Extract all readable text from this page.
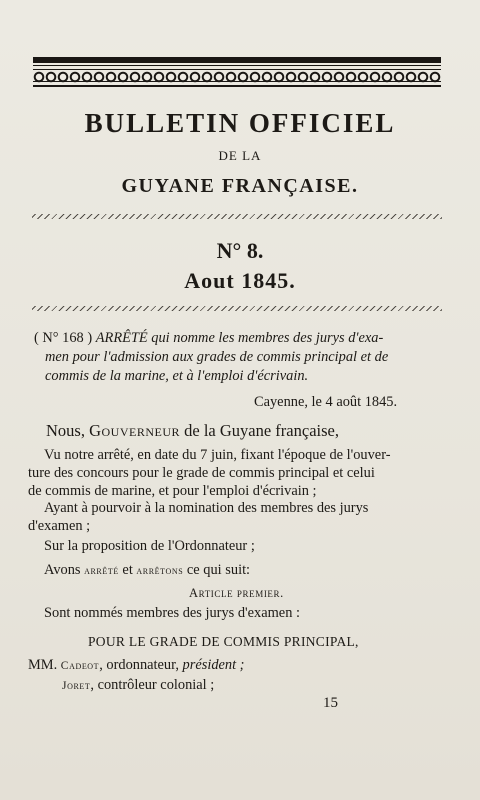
BULLETIN OFFICIEL
DE LA
GUYANE FRANÇAISE.
N° 8.
Aout 1845.
( N° 168 ) ARRÊTÉ qui nomme les membres des jurys d'exa-
men pour l'admission aux grades de commis principal et de
commis de la marine, et à l'emploi d'écrivain.
Cayenne, le 4 août 1845.
Nous, Gouverneur de la Guyane française,
Vu notre arrêté, en date du 7 juin, fixant l'époque de l'ouver-
ture des concours pour le grade de commis principal et celui
de commis de marine, et pour l'emploi d'écrivain ;
Ayant à pourvoir à la nomination des membres des jurys
d'examen ;
Sur la proposition de l'Ordonnateur ;
Avons arrêté et arrêtons ce qui suit:
Article premier.
Sont nommés membres des jurys d'examen :
POUR LE GRADE DE COMMIS PRINCIPAL,
MM. Cadeot, ordonnateur, président ;
Joret, contrôleur colonial ;
15
